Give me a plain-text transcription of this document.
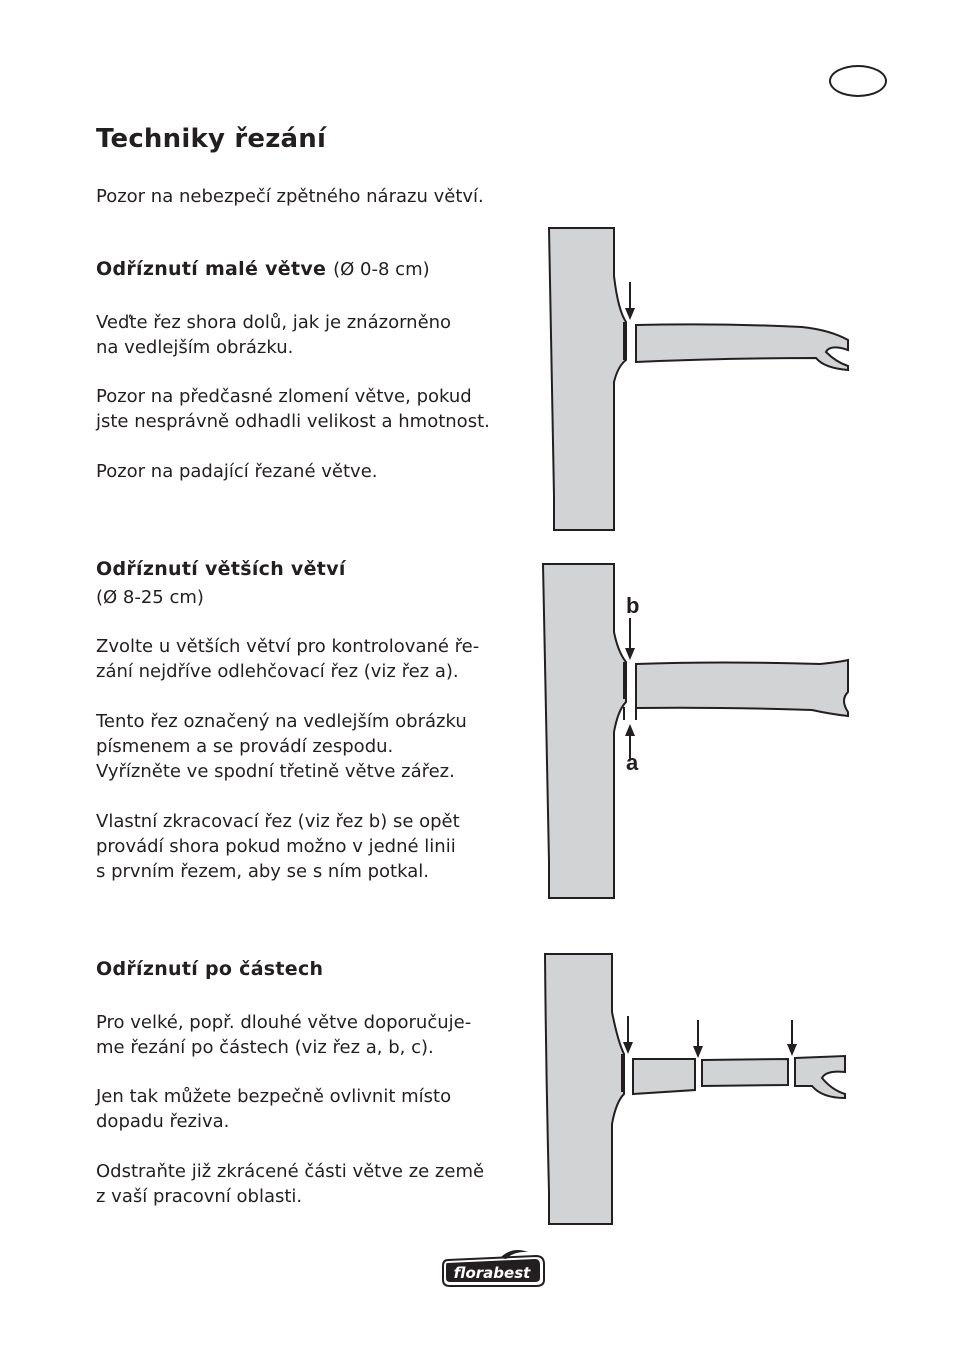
Techniky řezání

Pozor na nebezpečí zpětného nárazu větví.

Odříznutí malé větve (Ø 0-8 cm)

Veďte řez shora dolů, jak je znázorněno
na vedlejším obrázku.

Pozor na předčasné zlomení větve, pokud
jste nesprávně odhadli velikost a hmotnost.

Pozor na padající řezané větve.

Odříznutí větších větví

(Ø 8-25 cm)

Zvolte u větších větví pro kontrolované ře-
zání nejdříve odlehčovací řez (viz řez a).

Tento řez označený na vedlejším obrázku
písmenem a se provádí zespodu.
Vyřízněte ve spodní třetině větve zářez.

Vlastní zkracovací řez (viz řez b) se opět
provádí shora pokud možno v jedné linii
s prvním řezem, aby se s ním potkal.

b
a
Odříznutí po částech

Pro velké, popř. dlouhé větve doporučuje-
me řezání po částech (viz řez a, b, c).

Jen tak můžete bezpečně ovlivnit místo
dopadu řeziva.

Odstraňte již zkrácené části větve ze země
z vaší pracovní oblasti.

florabest
